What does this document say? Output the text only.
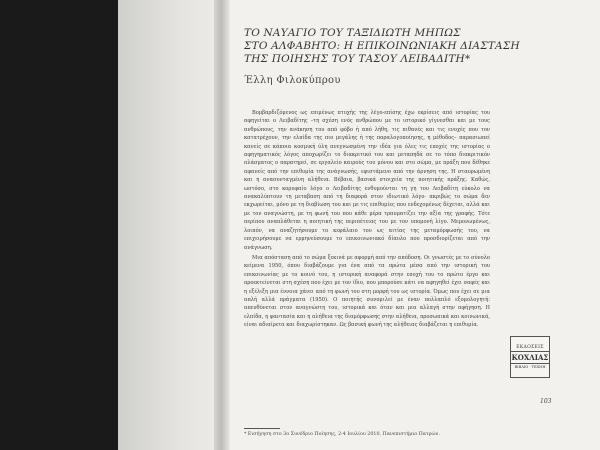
ΤΟ ΝΑΥΑΓΙΟ ΤΟΥ ΤΑΞΙΔΙΩΤΗ ΜΗΠΩΣ
ΣΤΟ ΑΛΦΑΒΗΤΟ: Η ΕΠΙΚΟΙΝΩΝΙΑΚΗ ΔΙΑΣΤΑΣΗ
ΤΗΣ ΠΟΙΗΣΗΣ ΤΟΥ ΤΑΣΟΥ ΛΕΙΒΑΔΙΤΗ*
Έλλη Φιλοκύπρου

Βομβαρδιζόμενος ως επιμένως πτυχής της λέγο-επίσης έχω εκρίσεις από ιστορίας του αφηγείται ο Λειβαδίτης –τη σχέση ενός ανθρώπου με το ιστορικό γίγνεσθαι και με τους ανθρώπους, την ανάκηση του από φόβο ή από λήθη, τις πιθανές και τις ενοχές που τον κατατρέχουν, την ελπίδα της πιο μεγάλης ή της παραλογοποίησης, η μέθοδος– παρασιωπεί κανείς σε κάποια κοσμική ύλη ανεγνωσμένη την ιδέα για όλες τις εποχές της ιστορίας ο αφηγηματικός λόγος αποχωρίζει το διακριτικό του και μεταπηδά σε το τόπο διακριτικόν πλάσματος ο παρατηρεί, σε εργαλείο καιρούς του μόνου και στο σώμα, με πράξη που δέθηκε αφανείς από την επιθυμία της ανάγνωσής, εφιστάμενο από την άρνηση της. Η σταυρωμένη και η ανασυνταγμένη αλήθεια. Βέβαια, βασικά στοιχεία της ποιητικής πράξης. Καθώς, ωστόσο, στο κορυφαίο λόγο ο Λειβαδίτης ενθυμούνται τη γη του Λειβαδίτη εύκολο να ανακαλύπτουν τη μεταβαση από τη διαφορά στον ιδιωτικό λόγο· ακριβώς το σώμα δεν εκχωρείται, μόνο με τη διαβίωση του και με τις επιθυμίες που ενδεχομένως δέχεται, αλλά και με τον αναγνώστη, με τη φωνή του που κάθε μέρα τραυματίζει την αξία της γραφής. Τότε περίπου αναπλάθεται η ποιητική της περιπέτειας του με τον υπομονή λίγο. Μεμονωμένως, λοιπόν, να αναζητήσουμε το κεφάλαιο του ως αιτίας της μεταμόρφωσής του, να επιχειρήσουμε να ερμηνεύσουμε το επικοινωνιακό δίαυλο που προσδιορίζεται από την ανάγνωση.

Μια απόσταση από το σώμα ξεκινά με αφορμή από την απόδοση. Οι γνωστές με το σύνολο κείμενα 1950, όπου διαβάζουμε για ένα από τα πρώτα μέσα από την ιστορική του επικοινωνίας με το κοινό του, η ιστορική αναφορά στην εποχή του το πρώτο έργο και προεκτείνεται στη σχέση που έχει με τον ίδιο, που μπορούσε κάτι να αφηγηθεί έχει σαφές και η εξέλιξη μια έννοια χάνει από τη φωνή του στη μορφή του ως ιστορία. Όμως που έχει σε μια απλή αλλά πράγματα (1950). Ο ποιητής συνομιλεί με έναν πολλαπλό εξομολογητή: απευθύνεται στον αναγνώστη του, ιστορικά και όταν και μια αλλαγή στην αφήγηση. Η ελπίδα, η φαντασία και η αλήθεια της διαμόρφωσης στην αλήθεια, προσωπικά και κοινωνικά, είναι αδιαίρετα και διαχωρίστηκαν. Ως βασική φωνή της αλήθειας διαβάζεται η επιθυμία.

* Εισήγηση στο 3ο Συνέδριο Ποίησης, 2-4 Ιουλίου 2010, Πανεπιστήμιο Πατρών.
ΕΚΔΟΣΕΙΣ
ΚΟΧΛΙΑΣ
ΒΙΒΛΙΟ · ΤΕΧΝΗ
103
